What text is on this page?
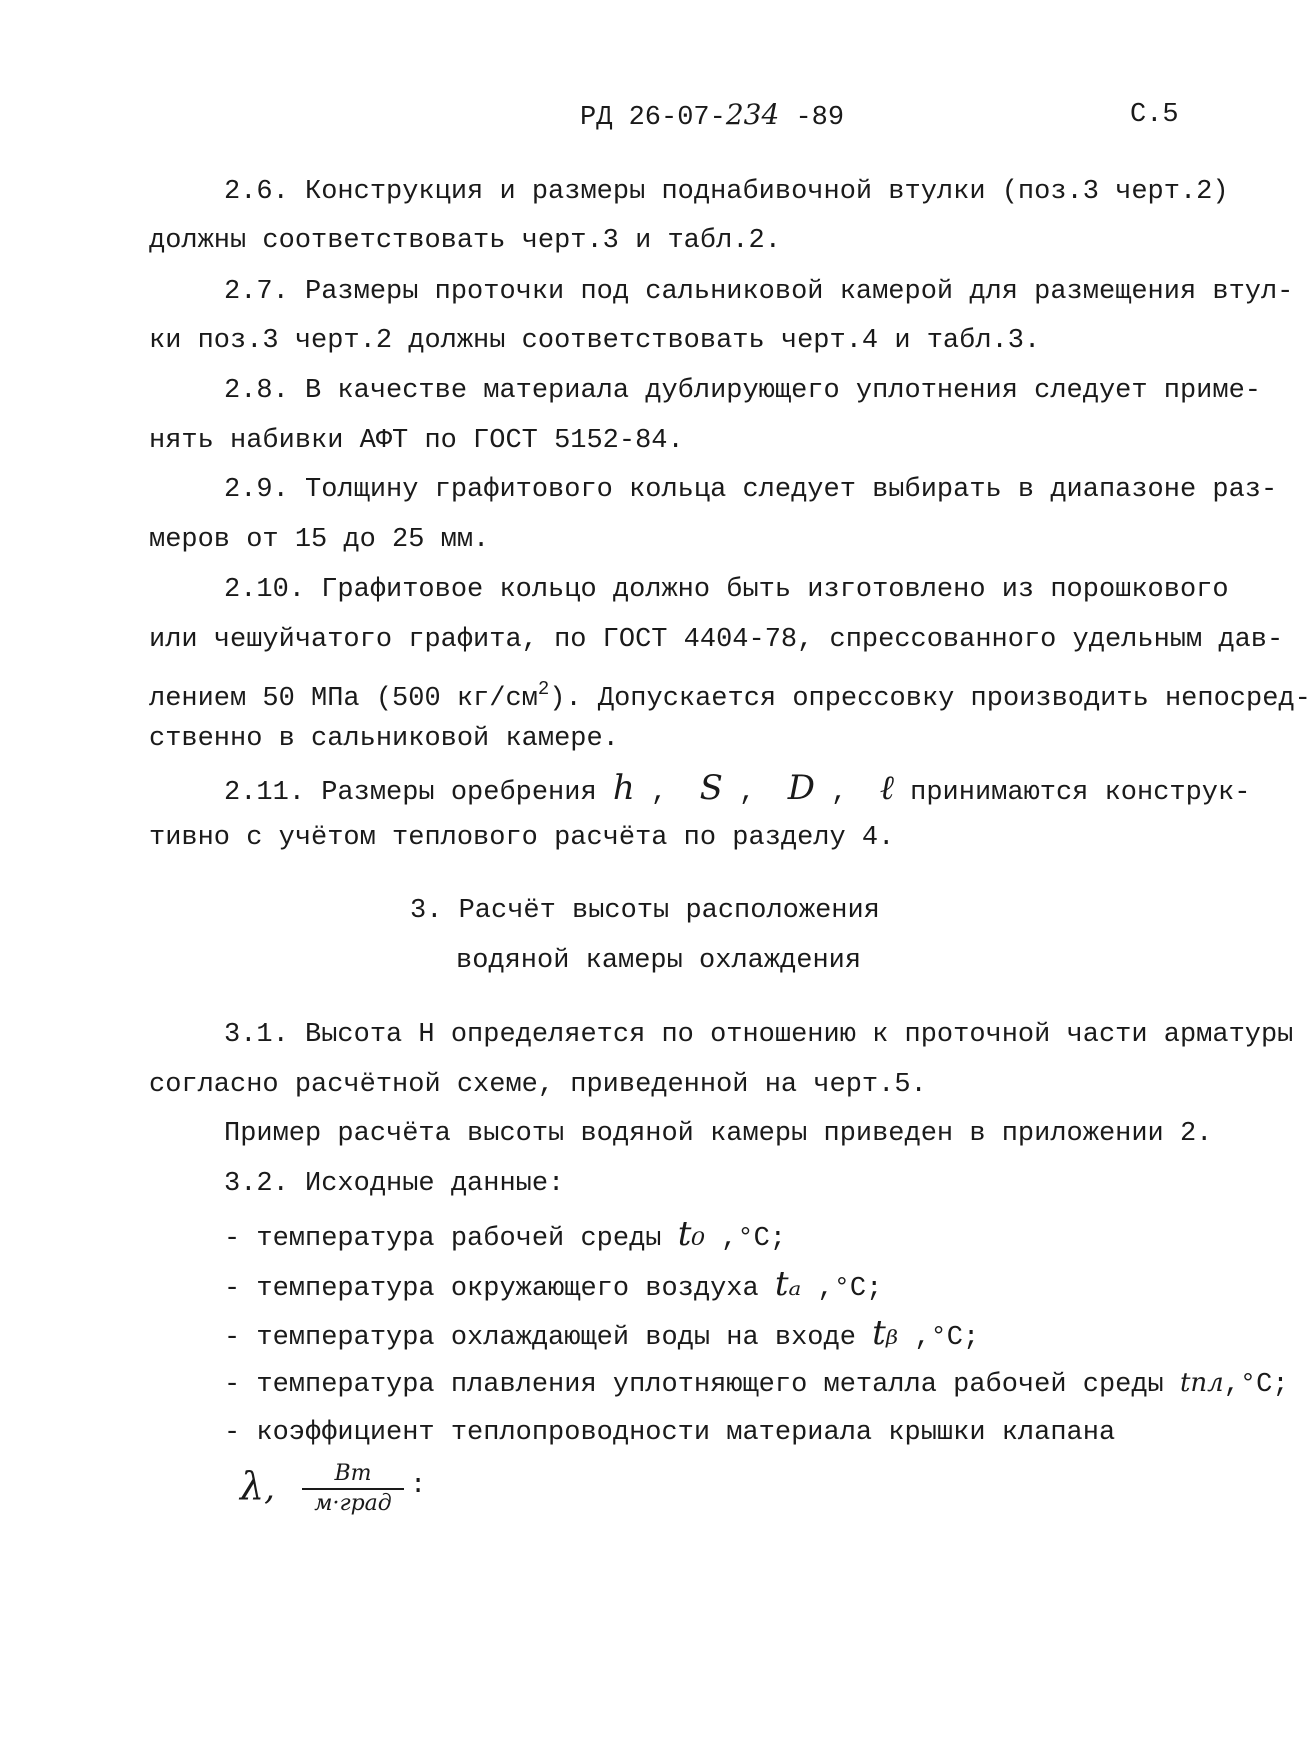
РД 26-07-234 -89	С.5

2.6. Конструкция и размеры поднабивочной втулки (поз.3 черт.2)

должны соответствовать черт.3 и табл.2.

2.7. Размеры проточки под сальниковой камерой для размещения втул-

ки поз.3 черт.2 должны соответствовать черт.4 и табл.3.

2.8. В качестве материала дублирующего уплотнения следует приме-

нять набивки АФТ по ГОСТ 5152-84.

2.9. Толщину графитового кольца следует выбирать в диапазоне раз-

меров от 15 до 25 мм.

2.10. Графитовое кольцо должно быть изготовлено из порошкового

или чешуйчатого графита, по ГОСТ 4404-78, спрессованного удельным дав-

лением 50 МПа (500 $кг/см^2$). Допускается опрессовку производить непосред-

ственно в сальниковой камере.

2.11. Размеры оребрения h ,  S ,  D ,  ℓ принимаются конструк-

тивно с учётом теплового расчёта по разделу 4.

3. Расчёт высоты расположения
водяной камеры охлаждения

3.1. Высота Н определяется по отношению к проточной части арматуры

согласно расчётной схеме, приведенной на черт.5.

Пример расчёта высоты водяной камеры приведен в приложении 2.

3.2. Исходные данные:

- температура рабочей среды t₀ ,°C;

- температура окружающего воздуха tₐ ,°C;

- температура охлаждающей воды на входе tᵦ ,°C;

- температура плавления уплотняющего металла рабочей среды tпл,°C;

- коэффициент теплопроводности материала крышки клапана

λ,	Вт
м·град
:
